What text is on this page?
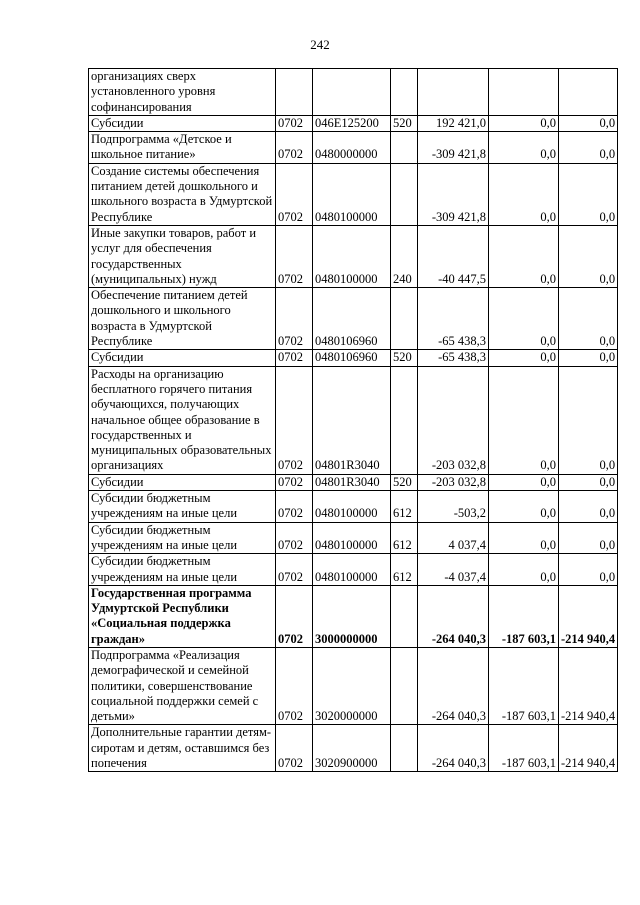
242
организациях сверх установленного уровня софинансирования						
Субсидии	0702	046Е125200	520	192 421,0	0,0	0,0
Подпрограмма «Детское и школьное питание»	0702	0480000000		-309 421,8	0,0	0,0
Создание системы обеспечения питанием детей дошкольного и школьного возраста в Удмуртской Республике	0702	0480100000		-309 421,8	0,0	0,0
Иные закупки товаров, работ и услуг для обеспечения государственных (муниципальных) нужд	0702	0480100000	240	-40 447,5	0,0	0,0
Обеспечение питанием детей дошкольного и школьного возраста в Удмуртской Республике	0702	0480106960		-65 438,3	0,0	0,0
Субсидии	0702	0480106960	520	-65 438,3	0,0	0,0
Расходы на организацию бесплатного горячего питания обучающихся, получающих начальное общее образование в государственных и муниципальных образовательных организациях	0702	04801R3040		-203 032,8	0,0	0,0
Субсидии	0702	04801R3040	520	-203 032,8	0,0	0,0
Субсидии бюджетным учреждениям на иные цели	0702	0480100000	612	-503,2	0,0	0,0
Субсидии бюджетным учреждениям на иные цели	0702	0480100000	612	4 037,4	0,0	0,0
Субсидии бюджетным учреждениям на иные цели	0702	0480100000	612	-4 037,4	0,0	0,0
Государственная программа Удмуртской Республики «Социальная поддержка граждан»	0702	3000000000		-264 040,3	-187 603,1	-214 940,4
Подпрограмма «Реализация демографической и семейной политики, совершенствование социальной поддержки семей с детьми»	0702	3020000000		-264 040,3	-187 603,1	-214 940,4
Дополнительные гарантии детям-сиротам и детям, оставшимся без попечения	0702	3020900000		-264 040,3	-187 603,1	-214 940,4
